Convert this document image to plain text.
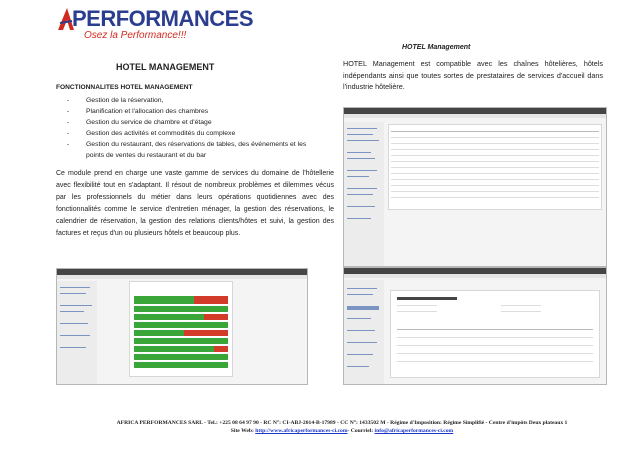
PERFORMANCES
Osez la Performance!!!
HOTEL Management
HOTEL Management est compatible avec les chaînes hôtelières, hôtels indépendants ainsi que toutes sortes de prestataires de services d'accueil dans l'industrie hôtelière.
HOTEL MANAGEMENT
FONCTIONNALITES HOTEL MANAGEMENT
- Gestion de la réservation,
- Planification et l'allocation des chambres
- Gestion du service de chambre et d'étage
- Gestion des activités et commodités du complexe
- Gestion du restaurant, des réservations de tables, des événements et les points de ventes du restaurant et du bar
Ce module prend en charge une vaste gamme de services du domaine de l'hôtellerie avec flexibilité tout en s'adaptant. Il résout de nombreux problèmes et dilemmes vécus par les professionnels du métier dans leurs opérations quotidiennes avec des fonctionnalités comme le service d'entretien ménager, la gestion des réservations, le calendrier de réservation, la gestion des relations clients/hôtes et suivi, la gestion des factures et reçus d'un ou plusieurs hôtels et beaucoup plus.
AFRICA PERFORMANCES SARL - Tel.: +225 08 64 97 90 - RC N°: CI-ABJ-2014-B-17989 - CC N°: 1433502 M - Régime d'Imposition: Régime Simplifié - Centre d'impôts Deux plateaux 1
Site Web: http://www.africaperformances-ci.com- Courriel: info@africaperformances-ci.com
